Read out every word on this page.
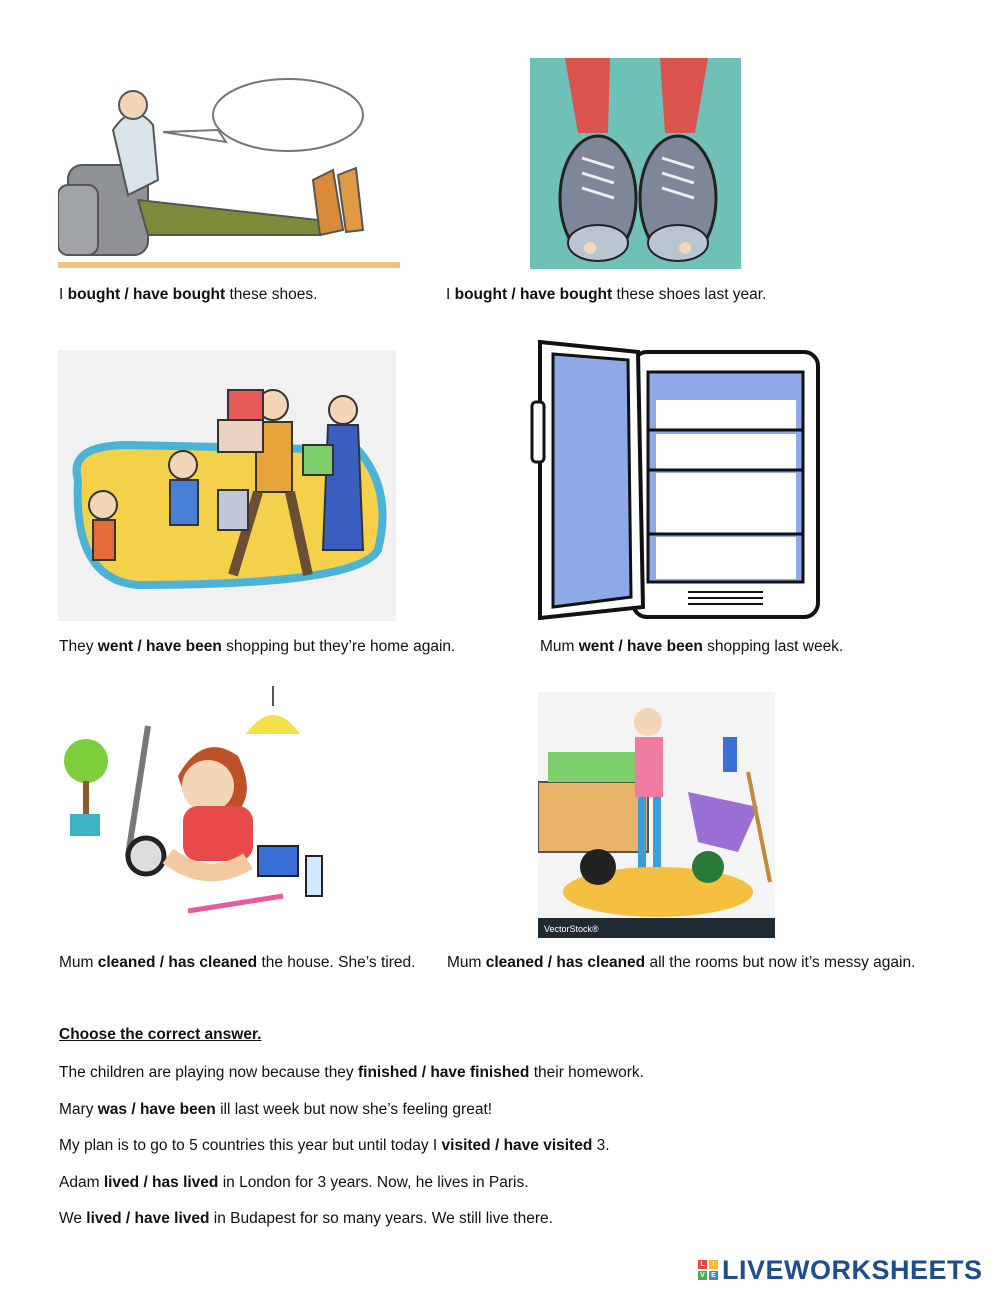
I bought / have bought these shoes.	I bought / have bought these shoes last year.
They went / have been shopping but they’re home again.	Mum went / have been shopping last week.
VectorStock®
Mum cleaned / has cleaned the house. She’s tired. Mum cleaned / has cleaned all the rooms but now it’s messy again.
Choose the correct answer.
The children are playing now because they finished / have finished their homework.
Mary was / have been ill last week but now she’s feeling great!
My plan is to go to 5 countries this year but until today I visited / have visited 3.
Adam lived / has lived in London for 3 years. Now, he lives in Paris.
We lived / have lived in Budapest for so many years. We still live there.
L	I
V E LIVEWORKSHEETS
